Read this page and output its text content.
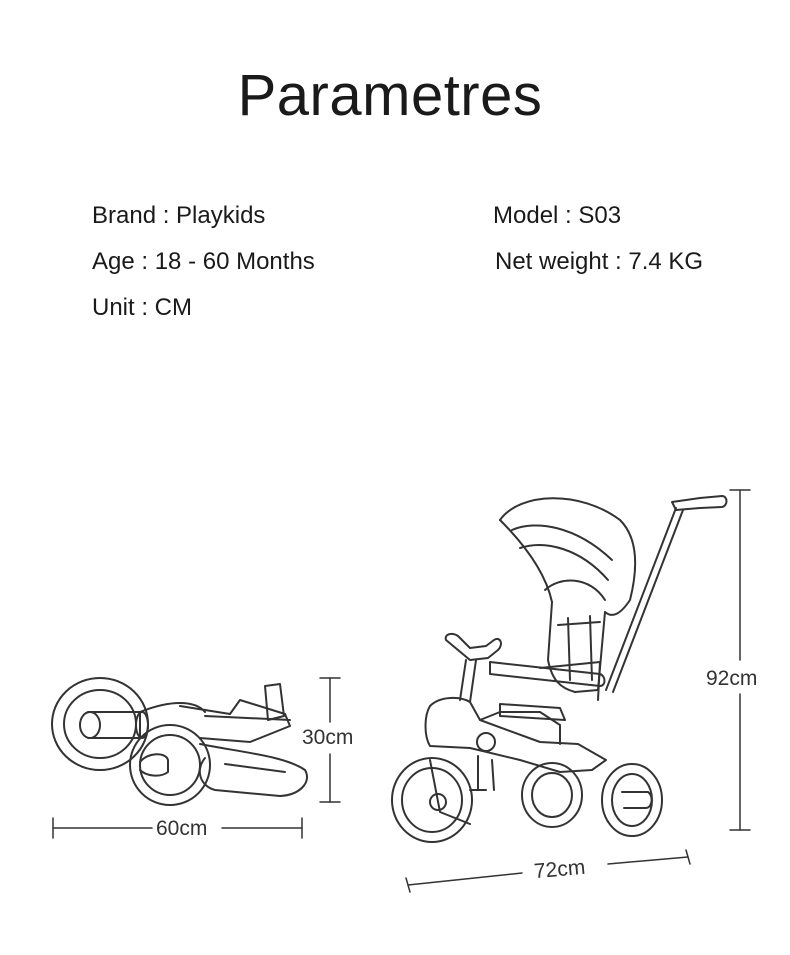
Parametres
Brand : Playkids
Age : 18 - 60 Months
Unit : CM
Model : S03
Net weight : 7.4 KG
30cm
60cm
92cm
72cm
